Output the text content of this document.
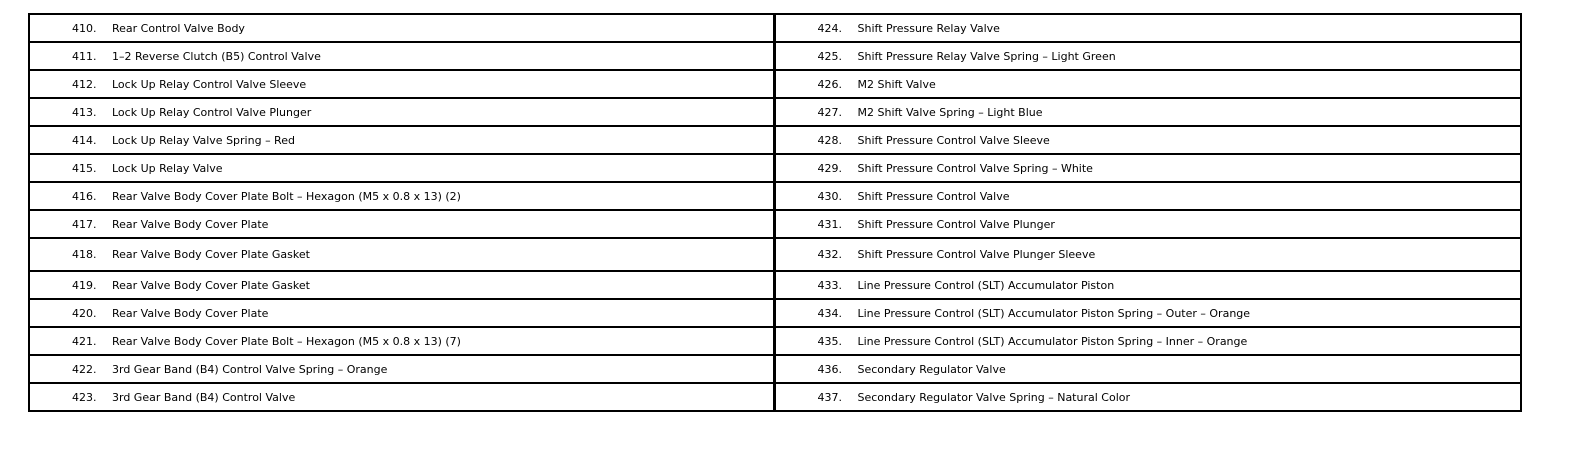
410. Rear Control Valve Body	424. Shift Pressure Relay Valve

411. 1–2 Reverse Clutch (B5) Control Valve	425. Shift Pressure Relay Valve Spring – Light Green

412. Lock Up Relay Control Valve Sleeve	426. M2 Shift Valve

413. Lock Up Relay Control Valve Plunger	427. M2 Shift Valve Spring – Light Blue

414. Lock Up Relay Valve Spring – Red	428. Shift Pressure Control Valve Sleeve

415. Lock Up Relay Valve	429. Shift Pressure Control Valve Spring – White

416. Rear Valve Body Cover Plate Bolt – Hexagon (M5 x 0.8 x 13) (2)	430. Shift Pressure Control Valve

417. Rear Valve Body Cover Plate	431. Shift Pressure Control Valve Plunger

418. Rear Valve Body Cover Plate Gasket	432. Shift Pressure Control Valve Plunger Sleeve

419. Rear Valve Body Cover Plate Gasket	433. Line Pressure Control (SLT) Accumulator Piston

420. Rear Valve Body Cover Plate	434. Line Pressure Control (SLT) Accumulator Piston Spring – Outer – Orange

421. Rear Valve Body Cover Plate Bolt – Hexagon (M5 x 0.8 x 13) (7)	435. Line Pressure Control (SLT) Accumulator Piston Spring – Inner – Orange

422. 3rd Gear Band (B4) Control Valve Spring – Orange	436. Secondary Regulator Valve

423. 3rd Gear Band (B4) Control Valve	437. Secondary Regulator Valve Spring – Natural Color
